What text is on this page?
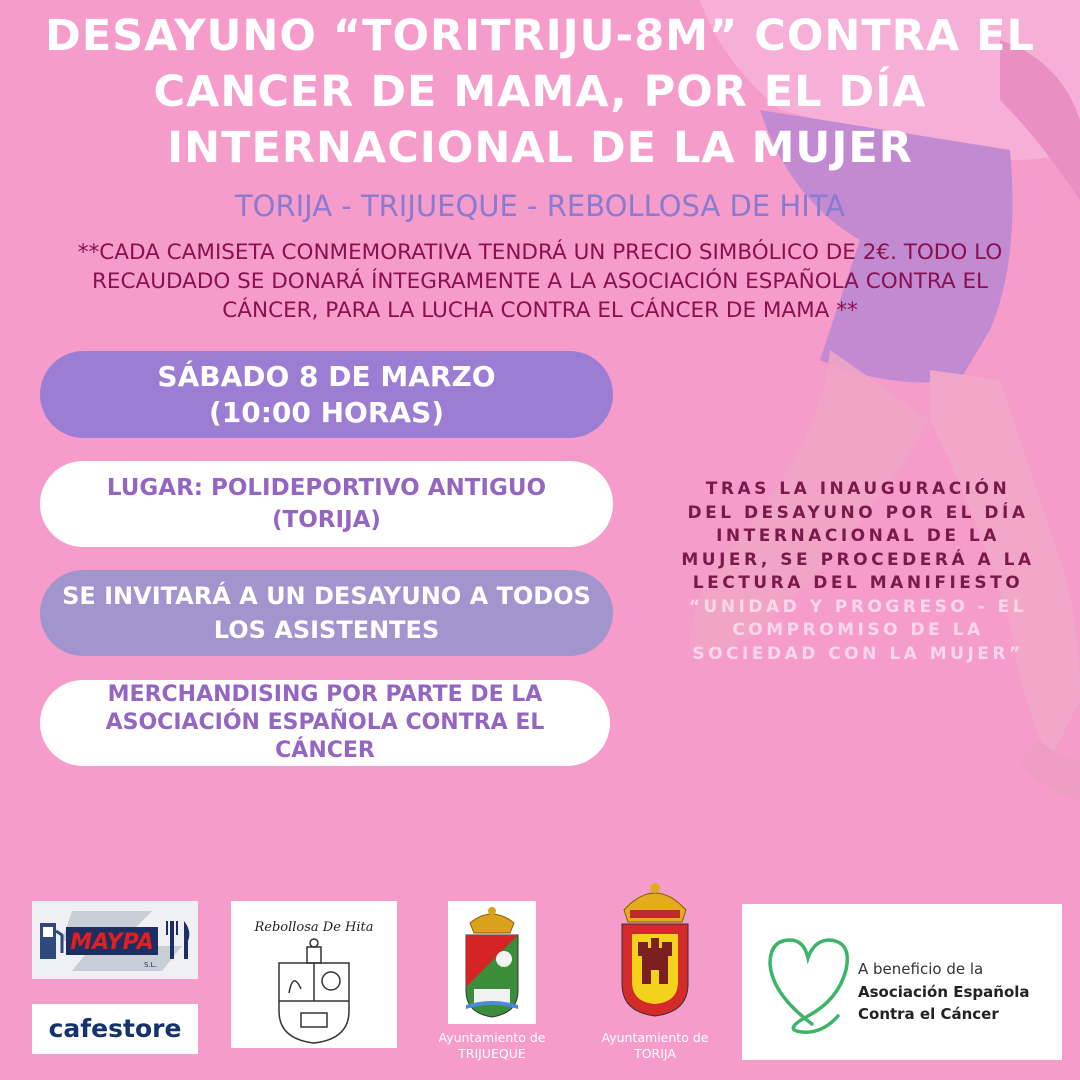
DESAYUNO “TORITRIJU-8M” CONTRA EL
CANCER DE MAMA, POR EL DÍA
INTERNACIONAL DE LA MUJER
TORIJA - TRIJUEQUE - REBOLLOSA DE HITA
**CADA CAMISETA CONMEMORATIVA TENDRÁ UN PRECIO SIMBÓLICO DE 2€. TODO LO
RECAUDADO SE DONARÁ ÍNTEGRAMENTE A LA ASOCIACIÓN ESPAÑOLA CONTRA EL
CÁNCER, PARA LA LUCHA CONTRA EL CÁNCER DE MAMA **
SÁBADO 8 DE MARZO
(10:00 HORAS)
LUGAR: POLIDEPORTIVO ANTIGUO
(TORIJA)
SE INVITARÁ A UN DESAYUNO A TODOS
LOS ASISTENTES
MERCHANDISING POR PARTE DE LA
ASOCIACIÓN ESPAÑOLA CONTRA EL
CÁNCER
TRAS LA INAUGURACIÓN
DEL DESAYUNO POR EL DÍA
INTERNACIONAL DE LA
MUJER, SE PROCEDERÁ A LA
LECTURA DEL MANIFIESTO
“UNIDAD Y PROGRESO - EL
COMPROMISO DE LA
SOCIEDAD CON LA MUJER”
MAYPA
S.L.
cafestore
Rebollosa De Hita
Ayuntamiento de
TRIJUEQUE
Ayuntamiento de
TORIJA
A beneficio de la
Asociación Española
Contra el Cáncer
